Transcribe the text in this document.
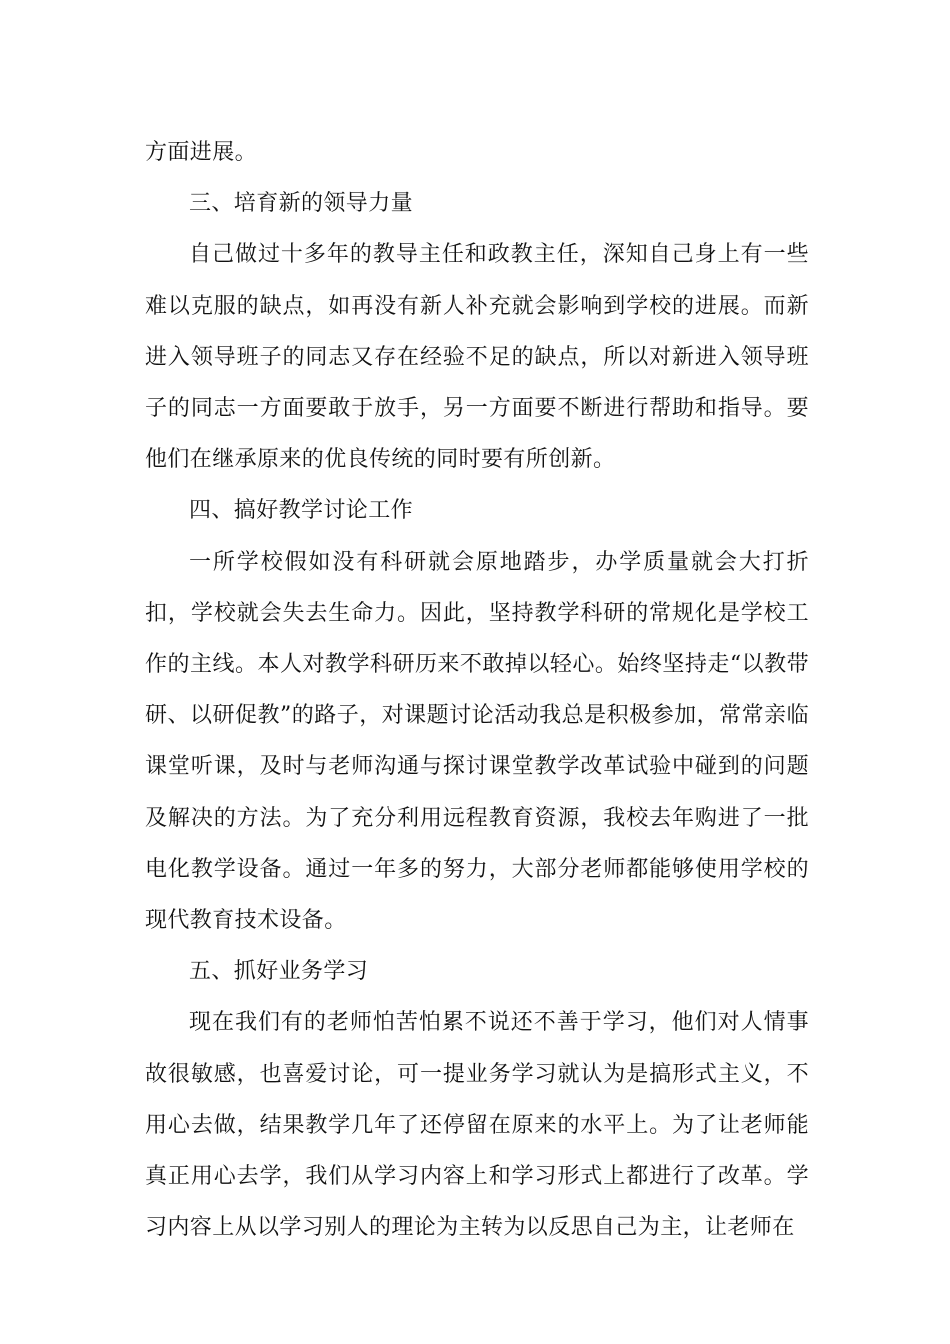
方面进展。

三、培育新的领导力量

自己做过十多年的教导主任和政教主任，深知自己身上有一些难以克服的缺点，如再没有新人补充就会影响到学校的进展。而新进入领导班子的同志又存在经验不足的缺点，所以对新进入领导班子的同志一方面要敢于放手，另一方面要不断进行帮助和指导。要他们在继承原来的优良传统的同时要有所创新。

四、搞好教学讨论工作

一所学校假如没有科研就会原地踏步，办学质量就会大打折扣，学校就会失去生命力。因此，坚持教学科研的常规化是学校工作的主线。本人对教学科研历来不敢掉以轻心。始终坚持走“以教带研、以研促教”的路子，对课题讨论活动我总是积极参加，常常亲临课堂听课，及时与老师沟通与探讨课堂教学改革试验中碰到的问题及解决的方法。为了充分利用远程教育资源，我校去年购进了一批电化教学设备。通过一年多的努力，大部分老师都能够使用学校的现代教育技术设备。

五、抓好业务学习

现在我们有的老师怕苦怕累不说还不善于学习，他们对人情事故很敏感，也喜爱讨论，可一提业务学习就认为是搞形式主义，不用心去做，结果教学几年了还停留在原来的水平上。为了让老师能真正用心去学，我们从学习内容上和学习形式上都进行了改革。学习内容上从以学习别人的理论为主转为以反思自己为主，让老师在
